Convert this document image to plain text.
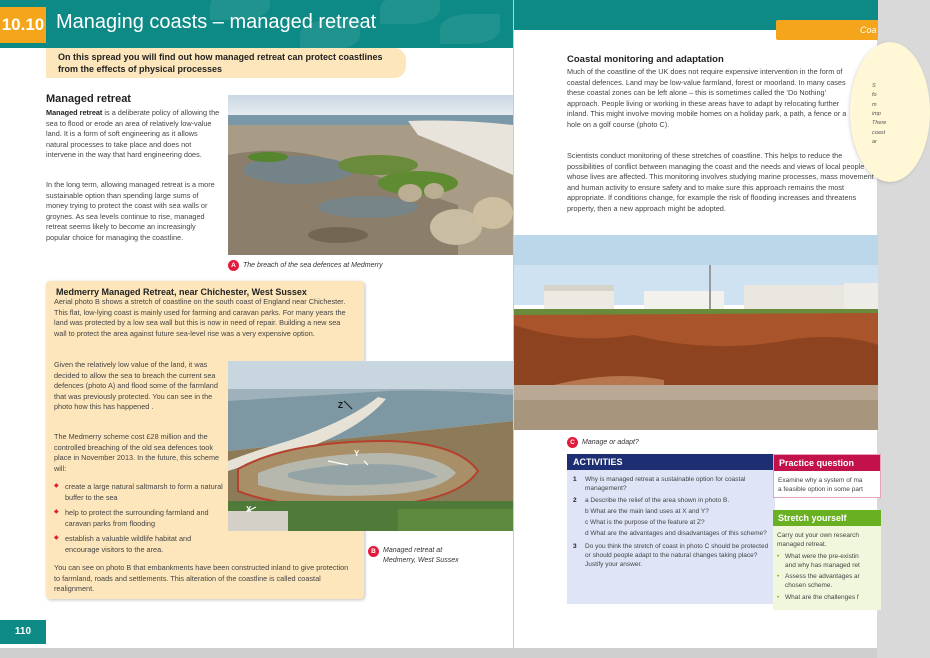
10.10 Managing coasts – managed retreat
On this spread you will find out how managed retreat can protect coastlines from the effects of physical processes
Managed retreat
Managed retreat is a deliberate policy of allowing the sea to flood or erode an area of relatively low-value land. It is a form of soft engineering as it allows natural processes to take place and does not intervene in the way that hard engineering does.
In the long term, allowing managed retreat is a more sustainable option than spending large sums of money trying to protect the coast with sea walls or groynes. As sea levels continue to rise, managed retreat seems likely to become an increasingly popular choice for managing the coastline.
A	The breach of the sea defences at Medmerry
Medmerry Managed Retreat, near Chichester, West Sussex
Aerial photo B shows a stretch of coastline on the south coast of England near Chichester. This flat, low-lying coast is mainly used for farming and caravan parks. For many years the land was protected by a low sea wall but this is now in need of repair. Building a new sea wall to protect the area against future sea-level rise was a very expensive option.
Given the relatively low value of the land, it was decided to allow the sea to breach the current sea defences (photo A) and flood some of the farmland that was previously protected. You can see in the photo how this has happened .
The Medmerry scheme cost £28 million and the controlled breaching of the old sea defences took place in November 2013. In the future, this scheme will:
◆ create a large natural saltmarsh to form a natural buffer to the sea
◆ help to protect the surrounding farmland and caravan parks from flooding
◆ establish a valuable wildlife habitat and encourage visitors to the area.
You can see on photo B that embankments have been constructed inland to give protection to farmland, roads and settlements. This alteration of the coastline is called coastal realignment.
Z
Y
X
B	Managed retreat at
Medmerry, West Sussex
110
Coa
S
fo
m
imp
There
coast
ar
Coastal monitoring and adaptation
Much of the coastline of the UK does not require expensive intervention in the form of coastal defences. Land may be low-value farmland, forest or moorland. In many cases these coastal zones can be left alone – this is sometimes called the ‘Do Nothing’ approach. People living or working in these areas have to adapt by relocating further inland. This might involve moving mobile homes on a holiday park, a path, a fence or a hole on a golf course (photo C).
Scientists conduct monitoring of these stretches of coastline. This helps to reduce the possibilities of conflict between managing the coast and the needs and views of local people whose lives are affected. This monitoring involves studying marine processes, mass movement and human activity to ensure safety and to make sure this approach remains the most appropriate. If conditions change, for example the risk of flooding increases and threatens property, then a new approach might be adopted.
C	Manage or adapt?
ACTIVITIES
1	Why is managed retreat a sustainable option for coastal management?
2	a Describe the relief of the area shown in photo B.
b What are the main land uses at X and Y?
c What is the purpose of the feature at Z?
d What are the advantages and disadvantages of this scheme?
3	Do you think the stretch of coast in photo C should be protected or should people adapt to the natural changes taking place? Justify your answer.
Practice question

Examine why a system of ma
a feasible option in some part

Stretch yourself
Carry out your own research
managed retreat.
• What were the pre-existin
and why has managed ret
• Assess the advantages ar
chosen scheme.
• What are the challenges f
